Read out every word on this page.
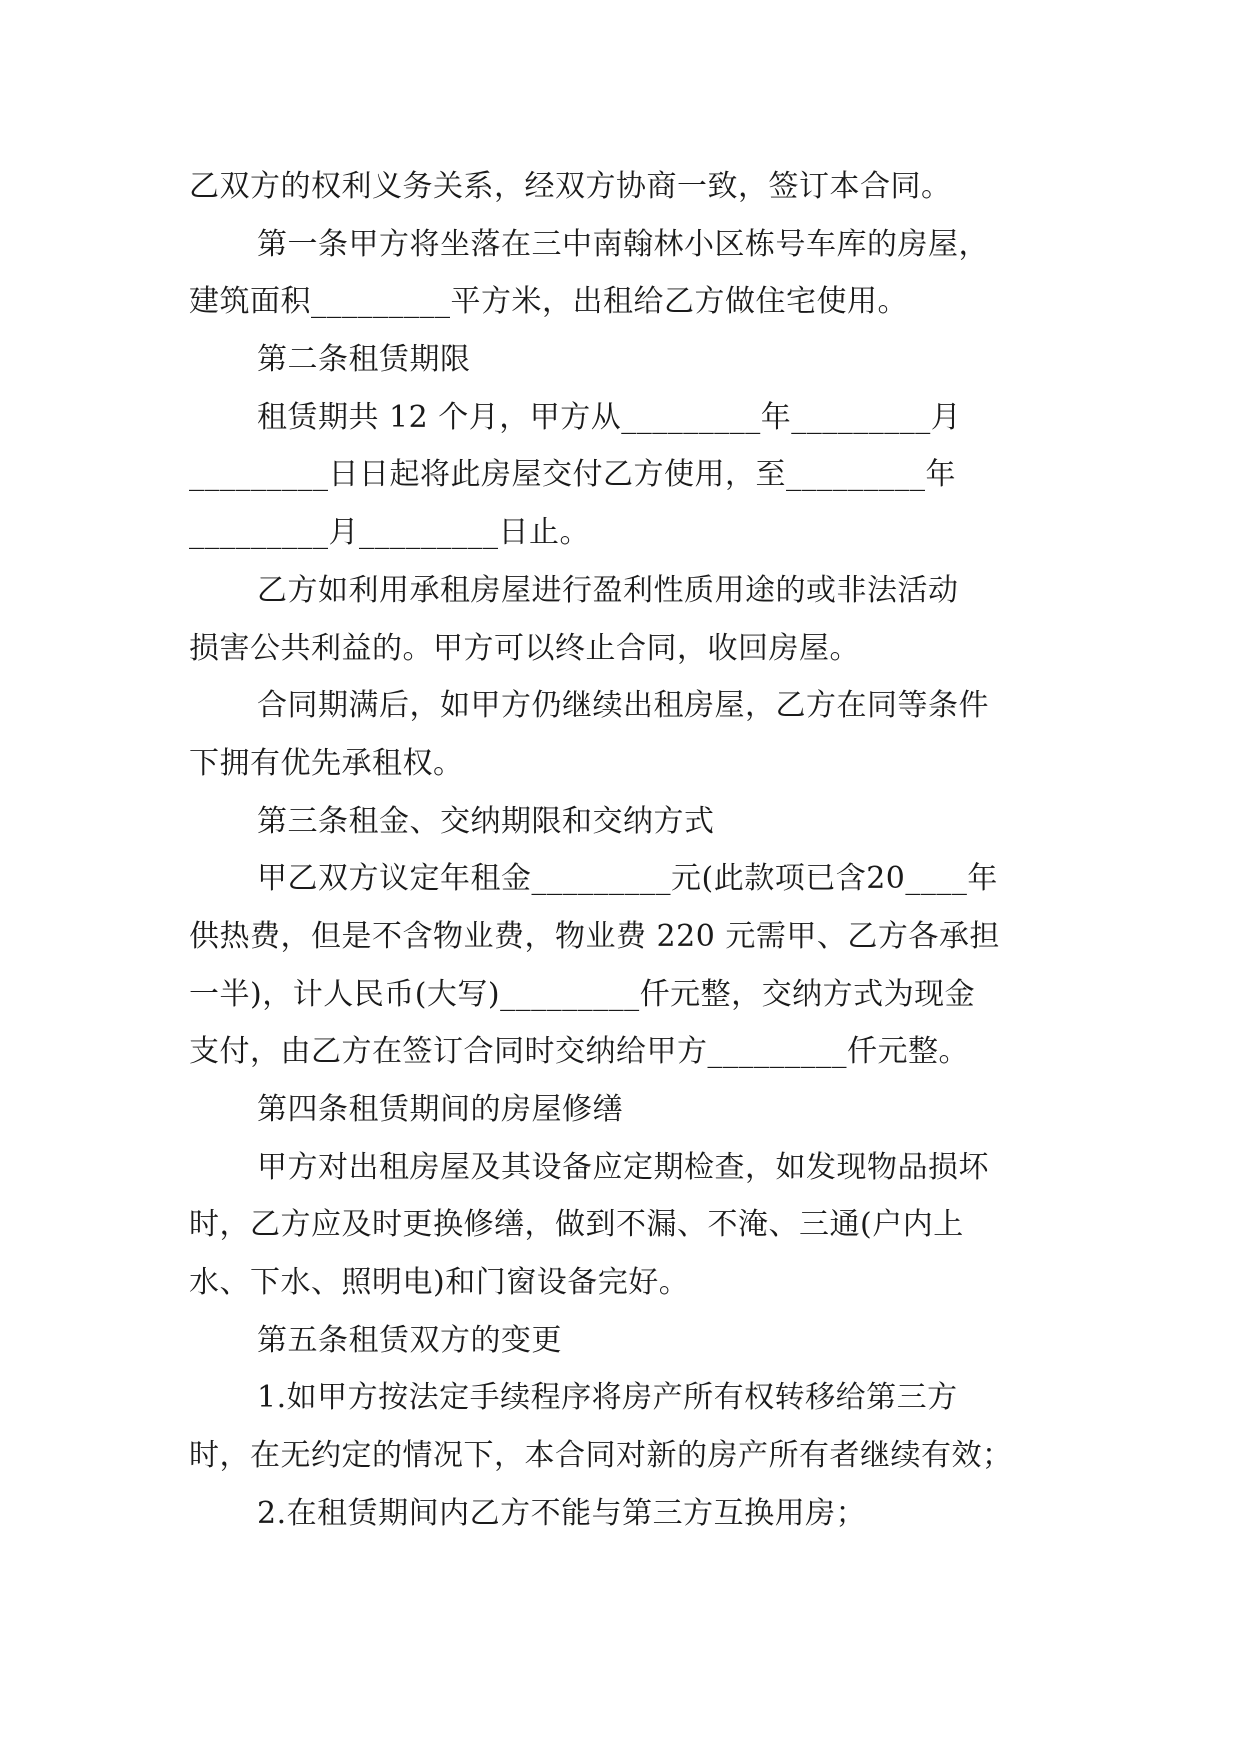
乙双方的权利义务关系，经双方协商一致，签订本合同。
第一条甲方将坐落在三中南翰林小区栋号车库的房屋，
建筑面积_________平方米，出租给乙方做住宅使用。
第二条租赁期限
租赁期共 12 个月，甲方从_________年_________月
_________日日起将此房屋交付乙方使用，至_________年
_________月_________日止。
乙方如利用承租房屋进行盈利性质用途的或非法活动
损害公共利益的。甲方可以终止合同，收回房屋。
合同期满后，如甲方仍继续出租房屋，乙方在同等条件
下拥有优先承租权。
第三条租金、交纳期限和交纳方式
甲乙双方议定年租金_________元(此款项已含20____年
供热费，但是不含物业费，物业费 220 元需甲、乙方各承担
一半)，计人民币(大写)_________仟元整，交纳方式为现金
支付，由乙方在签订合同时交纳给甲方_________仟元整。
第四条租赁期间的房屋修缮
甲方对出租房屋及其设备应定期检查，如发现物品损坏
时，乙方应及时更换修缮，做到不漏、不淹、三通(户内上
水、下水、照明电)和门窗设备完好。
第五条租赁双方的变更
1.如甲方按法定手续程序将房产所有权转移给第三方
时，在无约定的情况下，本合同对新的房产所有者继续有效；
2.在租赁期间内乙方不能与第三方互换用房；
